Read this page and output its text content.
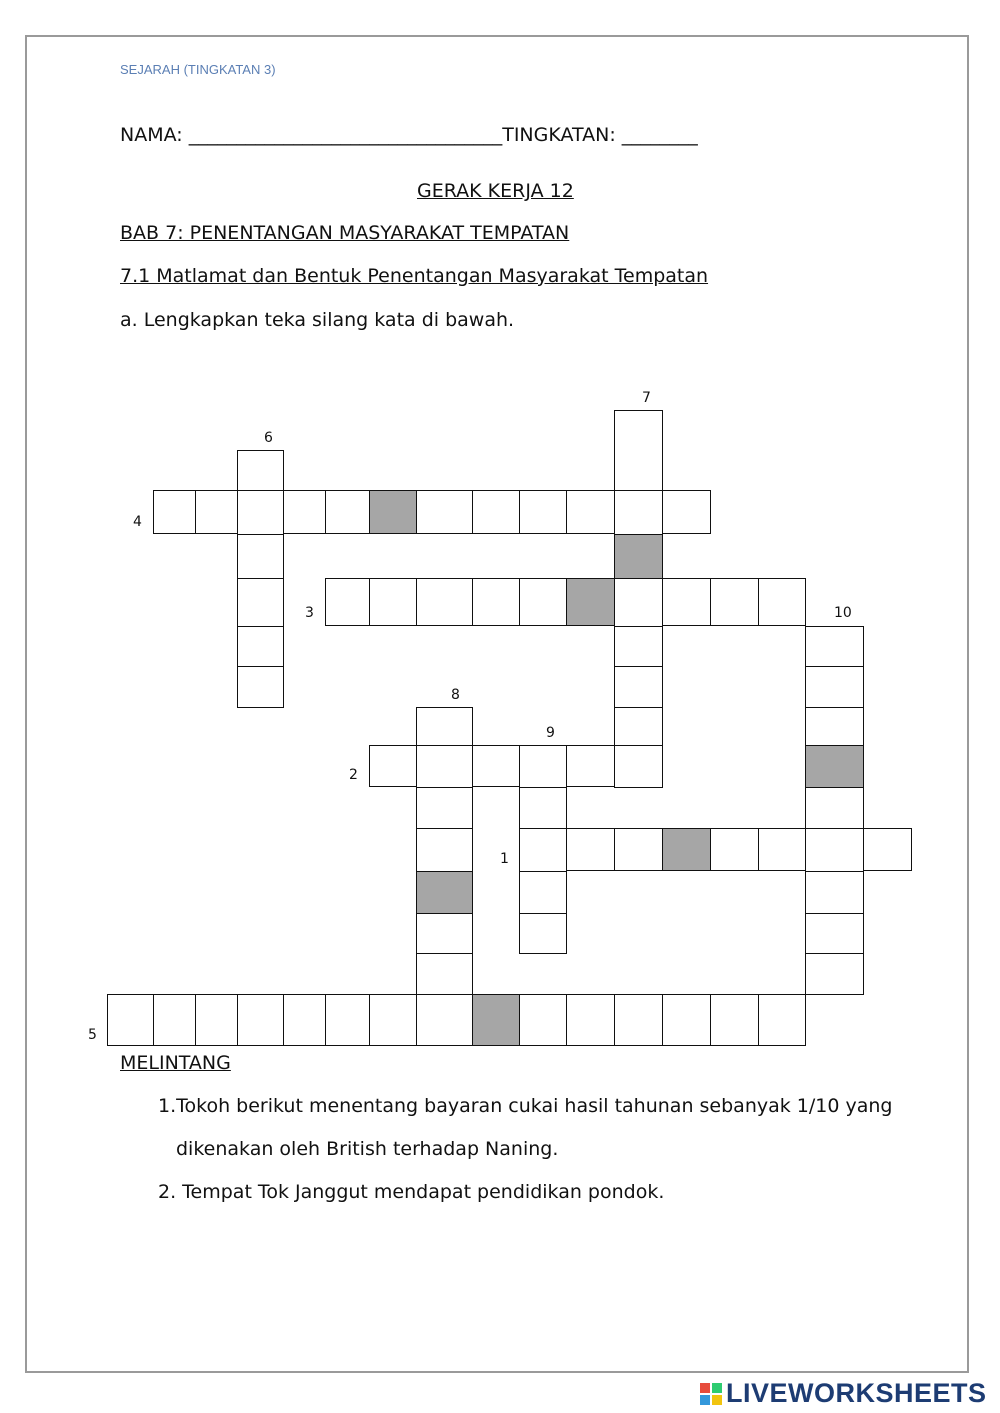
SEJARAH (TINGKATAN 3)
NAMA: _________________________________TINGKATAN: ________
GERAK KERJA 12
BAB 7: PENENTANGAN MASYARAKAT TEMPATAN
7.1 Matlamat dan Bentuk Penentangan Masyarakat Tempatan
a. Lengkapkan teka silang kata di bawah.
4
6
7
3	10
8
9
2
1
5
MELINTANG
1.Tokoh berikut menentang bayaran cukai hasil tahunan sebanyak 1/10 yang
dikenakan oleh British terhadap Naning.
2. Tempat Tok Janggut mendapat pendidikan pondok.
LIVEWORKSHEETS
